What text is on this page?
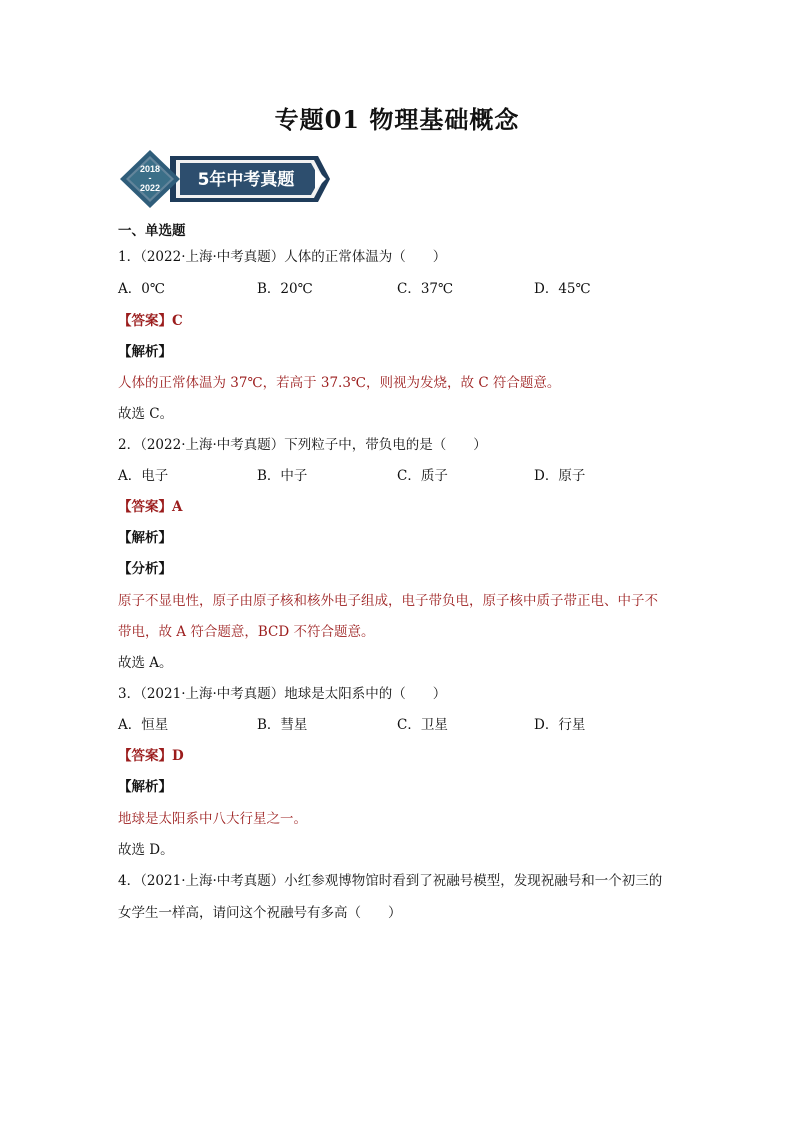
专题01 物理基础概念
2018
-
2022 5年中考真题
一、单选题
1．（2022·上海·中考真题）人体的正常体温为（　　）
A．0℃	B．20℃	C．37℃	D．45℃
【答案】C
【解析】
人体的正常体温为 37℃，若高于 37.3℃，则视为发烧，故 C 符合题意。
故选 C。
2．（2022·上海·中考真题）下列粒子中，带负电的是（　　）
A．电子	B．中子	C．质子	D．原子
【答案】A
【解析】
【分析】
原子不显电性，原子由原子核和核外电子组成，电子带负电，原子核中质子带正电、中子不
带电，故 A 符合题意，BCD 不符合题意。
故选 A。
3．（2021·上海·中考真题）地球是太阳系中的（　　）
A．恒星	B．彗星	C．卫星	D．行星
【答案】D
【解析】
地球是太阳系中八大行星之一。
故选 D。
4．（2021·上海·中考真题）小红参观博物馆时看到了祝融号模型，发现祝融号和一个初三的
女学生一样高，请问这个祝融号有多高（　　）
